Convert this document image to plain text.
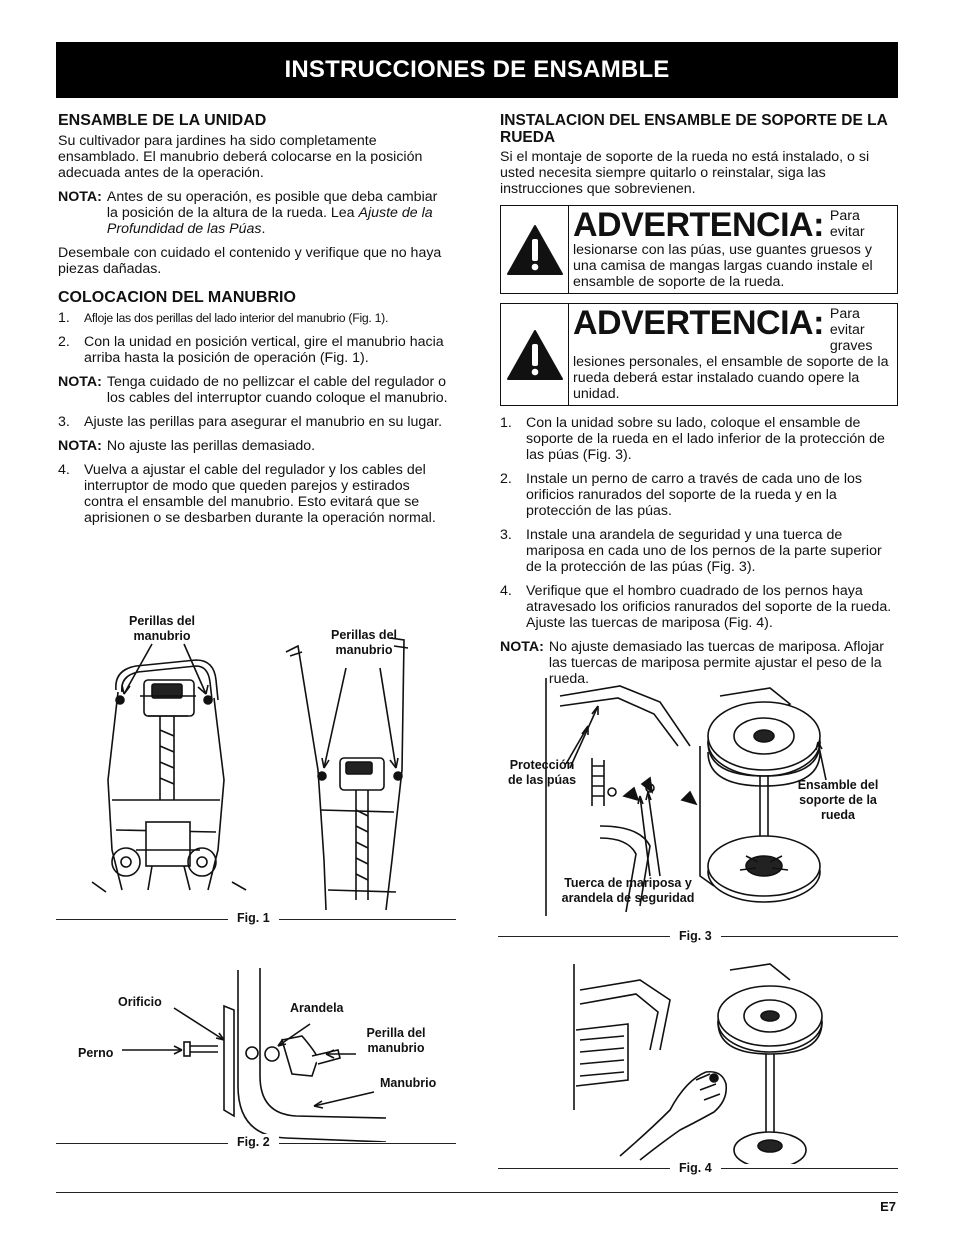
INSTRUCCIONES DE ENSAMBLE
ENSAMBLE DE LA UNIDAD

Su cultivador para jardines ha sido completamente ensamblado. El manubrio deberá colocarse en la posición adecuada antes de la operación.

NOTA: Antes de su operación, es posible que deba cambiar la posición de la altura de la rueda. Lea Ajuste de la Profundidad de las Púas.

Desembale con cuidado el contenido y verifique que no haya piezas dañadas.

COLOCACION DEL MANUBRIO
1.	Afloje las dos perillas del lado interior del manubrio (Fig. 1).
2. Con la unidad en posición vertical, gire el manubrio hacia arriba hasta la posición de operación (Fig. 1).
NOTA: Tenga cuidado de no pellizcar el cable del regulador o los cables del interruptor cuando coloque el manubrio.
3. Ajuste las perillas para asegurar el manubrio en su lugar.
NOTA: No ajuste las perillas demasiado.
4. Vuelva a ajustar el cable del regulador y los cables del interruptor de modo que queden parejos y estirados contra el ensamble del manubrio. Esto evitará que se aprisionen o se desbarben durante la operación normal.
INSTALACION DEL ENSAMBLE DE SOPORTE DE LA RUEDA

Si el montaje de soporte de la rueda no está instalado, o si usted necesita siempre quitarlo o reinstalar, siga las instrucciones que sobrevienen.

ADVERTENCIA: Para evitar lesionarse con las púas, use guantes gruesos y una camisa de mangas largas cuando instale el ensamble de soporte de la rueda.
ADVERTENCIA: Para evitar graves lesiones personales, el ensamble de soporte de la rueda deberá estar instalado cuando opere la unidad.
1. Con la unidad sobre su lado, coloque el ensamble de soporte de la rueda en el lado inferior de la protección de las púas (Fig. 3).
2. Instale un perno de carro a través de cada uno de los orificios ranurados del soporte de la rueda y en la protección de las púas.
3. Instale una arandela de seguridad y una tuerca de mariposa en cada uno de los pernos de la parte superior de la protección de las púas (Fig. 3).
4. Verifique que el hombro cuadrado de los pernos haya atravesado los orificios ranurados del soporte de la rueda. Ajuste las tuercas de mariposa (Fig. 4).
NOTA: No ajuste demasiado las tuercas de mariposa. Aflojar las tuercas de mariposa permite ajustar el peso de la rueda.
Perillas del manubrio	Perillas del manubrio
Fig. 1
Orificio
Perno
Arandela
Perilla del manubrio
Manubrio
Fig. 2
Protección de las púas	Ensamble del soporte de la rueda
Tuerca de mariposa y arandela de seguridad
Fig. 3
Fig. 4
E7
